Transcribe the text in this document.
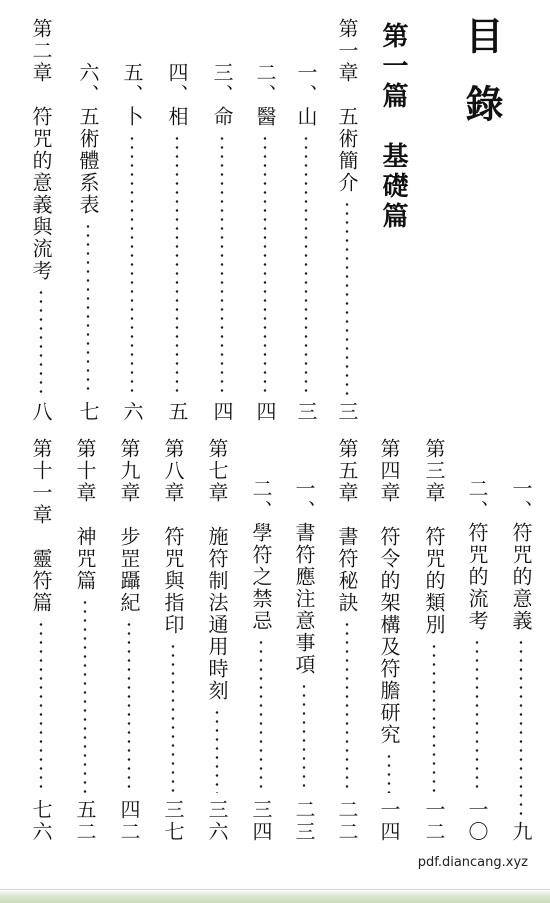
目錄
第一篇　基礎篇
第一章　五術簡介
三
一、山
三
二、醫
四
三、命
四
四、相
五
五、卜
六
六、五術體系表
七
第二章　符咒的意義與流考
八
一、符咒的意義
九
二、符咒的流考
一〇
第三章　符咒的類別
一二
第四章　符令的架構及符膽研究
一四
第五章　書符秘訣
二二
一、書符應注意事項
二三
二、學符之禁忌
三四
第七章　施符制法通用時刻
三六
第八章　符咒與指印
三七
第九章　步罡躡紀
四二
第十章　神咒篇
五二
第十一章　靈符篇
七六
pdf.diancang.xyz
